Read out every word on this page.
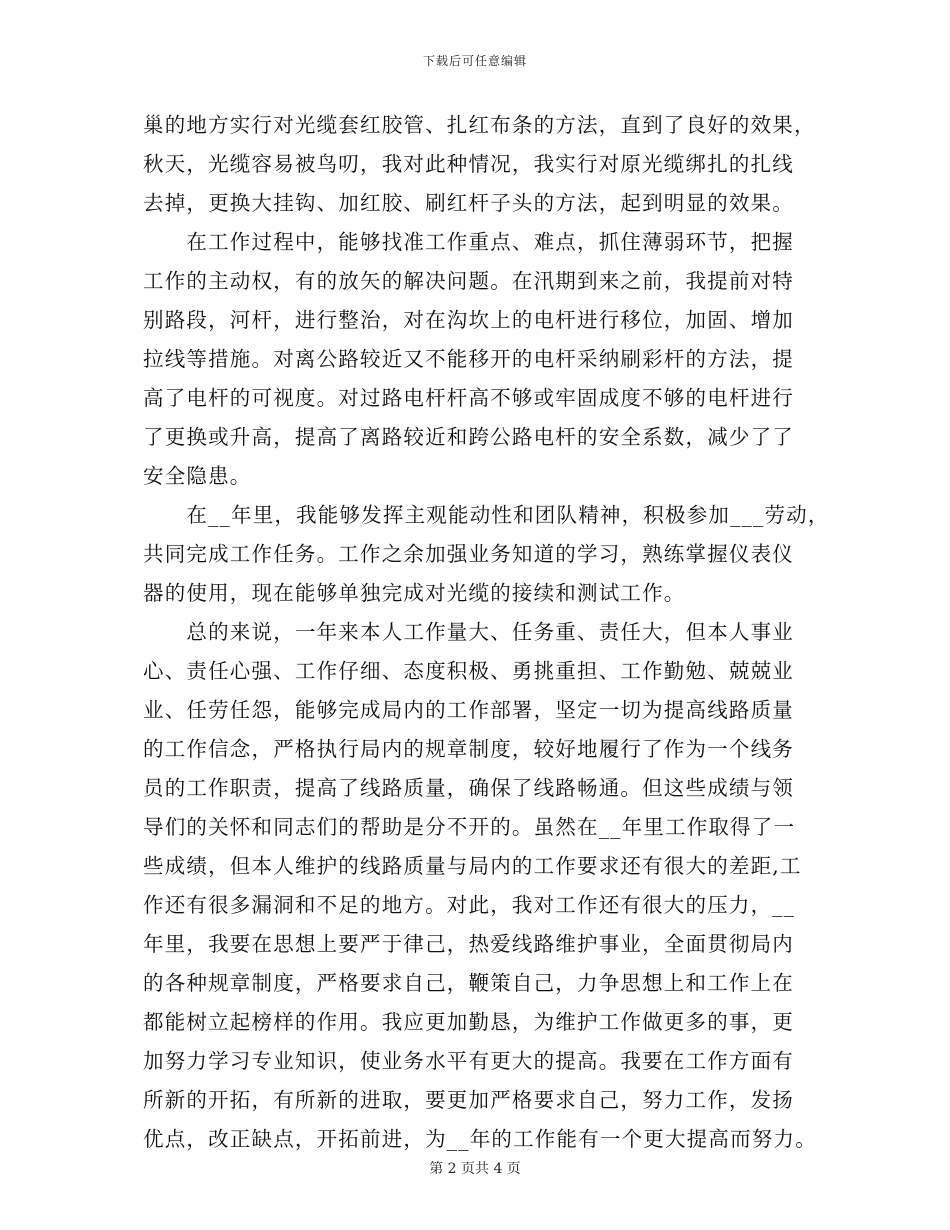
下载后可任意编辑
巢的地方实行对光缆套红胶管、扎红布条的方法，直到了良好的效果，
秋天，光缆容易被鸟叨，我对此种情况，我实行对原光缆绑扎的扎线
去掉，更换大挂钩、加红胶、刷红杆子头的方法，起到明显的效果。
　　在工作过程中，能够找准工作重点、难点，抓住薄弱环节，把握
工作的主动权，有的放矢的解决问题。在汛期到来之前，我提前对特
别路段，河杆，进行整治，对在沟坎上的电杆进行移位，加固、增加
拉线等措施。对离公路较近又不能移开的电杆采纳刷彩杆的方法，提
高了电杆的可视度。对过路电杆杆高不够或牢固成度不够的电杆进行
了更换或升高，提高了离路较近和跨公路电杆的安全系数，减少了了
安全隐患。
　　在__年里，我能够发挥主观能动性和团队精神，积极参加___劳动，
共同完成工作任务。工作之余加强业务知道的学习，熟练掌握仪表仪
器的使用，现在能够单独完成对光缆的接续和测试工作。
　　总的来说，一年来本人工作量大、任务重、责任大，但本人事业
心、责任心强、工作仔细、态度积极、勇挑重担、工作勤勉、兢兢业
业、任劳任怨，能够完成局内的工作部署，坚定一切为提高线路质量
的工作信念，严格执行局内的规章制度，较好地履行了作为一个线务
员的工作职责，提高了线路质量，确保了线路畅通。但这些成绩与领
导们的关怀和同志们的帮助是分不开的。虽然在__年里工作取得了一
些成绩，但本人维护的线路质量与局内的工作要求还有很大的差距,工
作还有很多漏洞和不足的地方。对此，我对工作还有很大的压力，__
年里，我要在思想上要严于律己，热爱线路维护事业，全面贯彻局内
的各种规章制度，严格要求自己，鞭策自己，力争思想上和工作上在
都能树立起榜样的作用。我应更加勤恳，为维护工作做更多的事，更
加努力学习专业知识，使业务水平有更大的提高。我要在工作方面有
所新的开拓，有所新的进取，要更加严格要求自己，努力工作，发扬
优点，改正缺点，开拓前进，为__年的工作能有一个更大提高而努力。
第 2 页共 4 页
